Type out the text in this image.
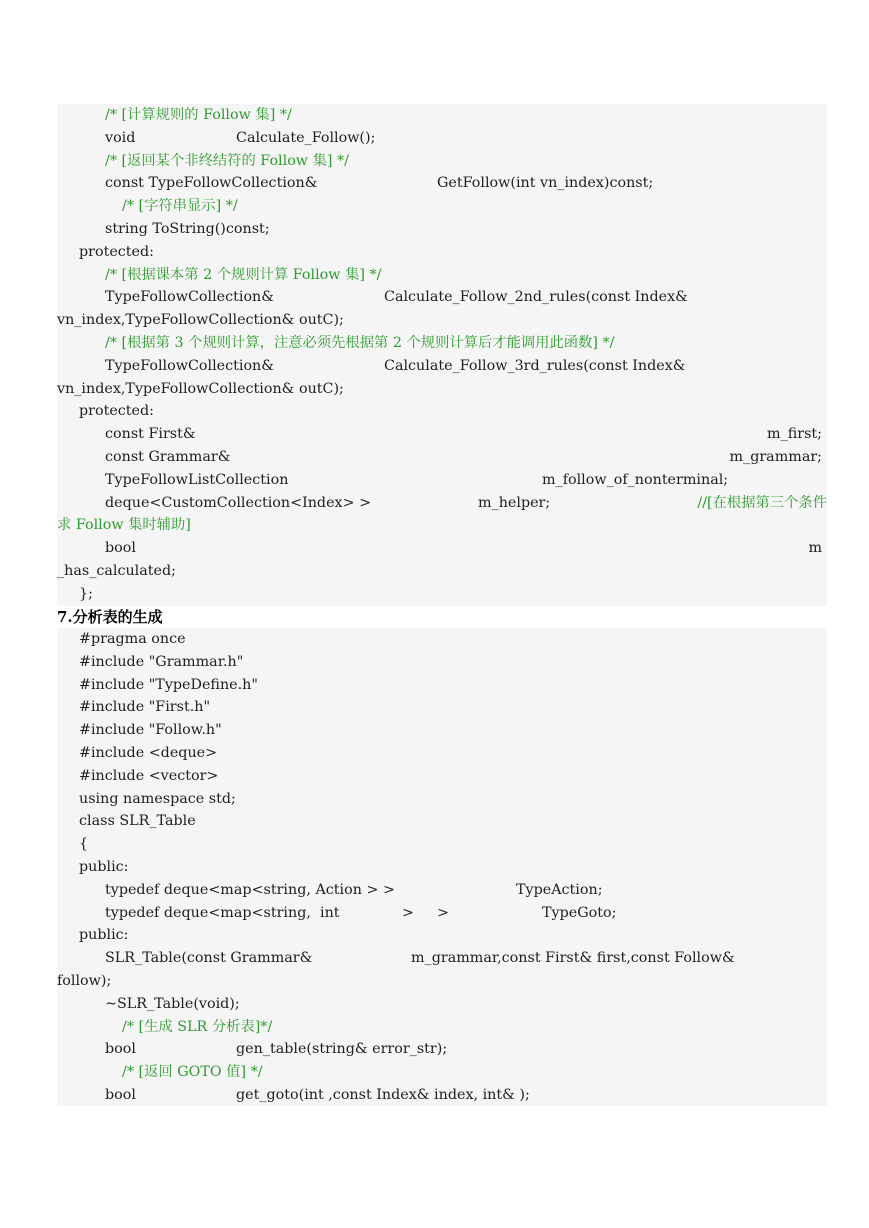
/* [计算规则的 Follow 集] */
void	Calculate_Follow();
/* [返回某个非终结符的 Follow 集] */
const TypeFollowCollection&	GetFollow(int vn_index)const;
/* [字符串显示] */
string ToString()const;
protected:
/* [根据课本第 2 个规则计算 Follow 集] */
TypeFollowCollection&	Calculate_Follow_2nd_rules(const Index&
vn_index,TypeFollowCollection& outC);
/* [根据第 3 个规则计算，注意必须先根据第 2 个规则计算后才能调用此函数] */
TypeFollowCollection&	Calculate_Follow_3rd_rules(const Index&
vn_index,TypeFollowCollection& outC);
protected:
const First&	m_first;
const Grammar&	m_grammar;
TypeFollowListCollection	m_follow_of_nonterminal;
deque<CustomCollection<Index> >	m_helper;	//[在根据第三个条件
求 Follow 集时辅助]
bool	m
_has_calculated;
};
7.分析表的生成
#pragma once
#include "Grammar.h"
#include "TypeDefine.h"
#include "First.h"
#include "Follow.h"
#include <deque>
#include <vector>
using namespace std;
class SLR_Table
{
public:
typedef deque<map<string, Action > >	TypeAction;
typedef deque<map<string,  int	> >	TypeGoto;
public:
SLR_Table(const Grammar&	m_grammar,const First& first,const Follow&
follow);
~SLR_Table(void);
/* [生成 SLR 分析表]*/
bool	gen_table(string& error_str);
/* [返回 GOTO 值] */
bool	get_goto(int ,const Index& index, int& );
